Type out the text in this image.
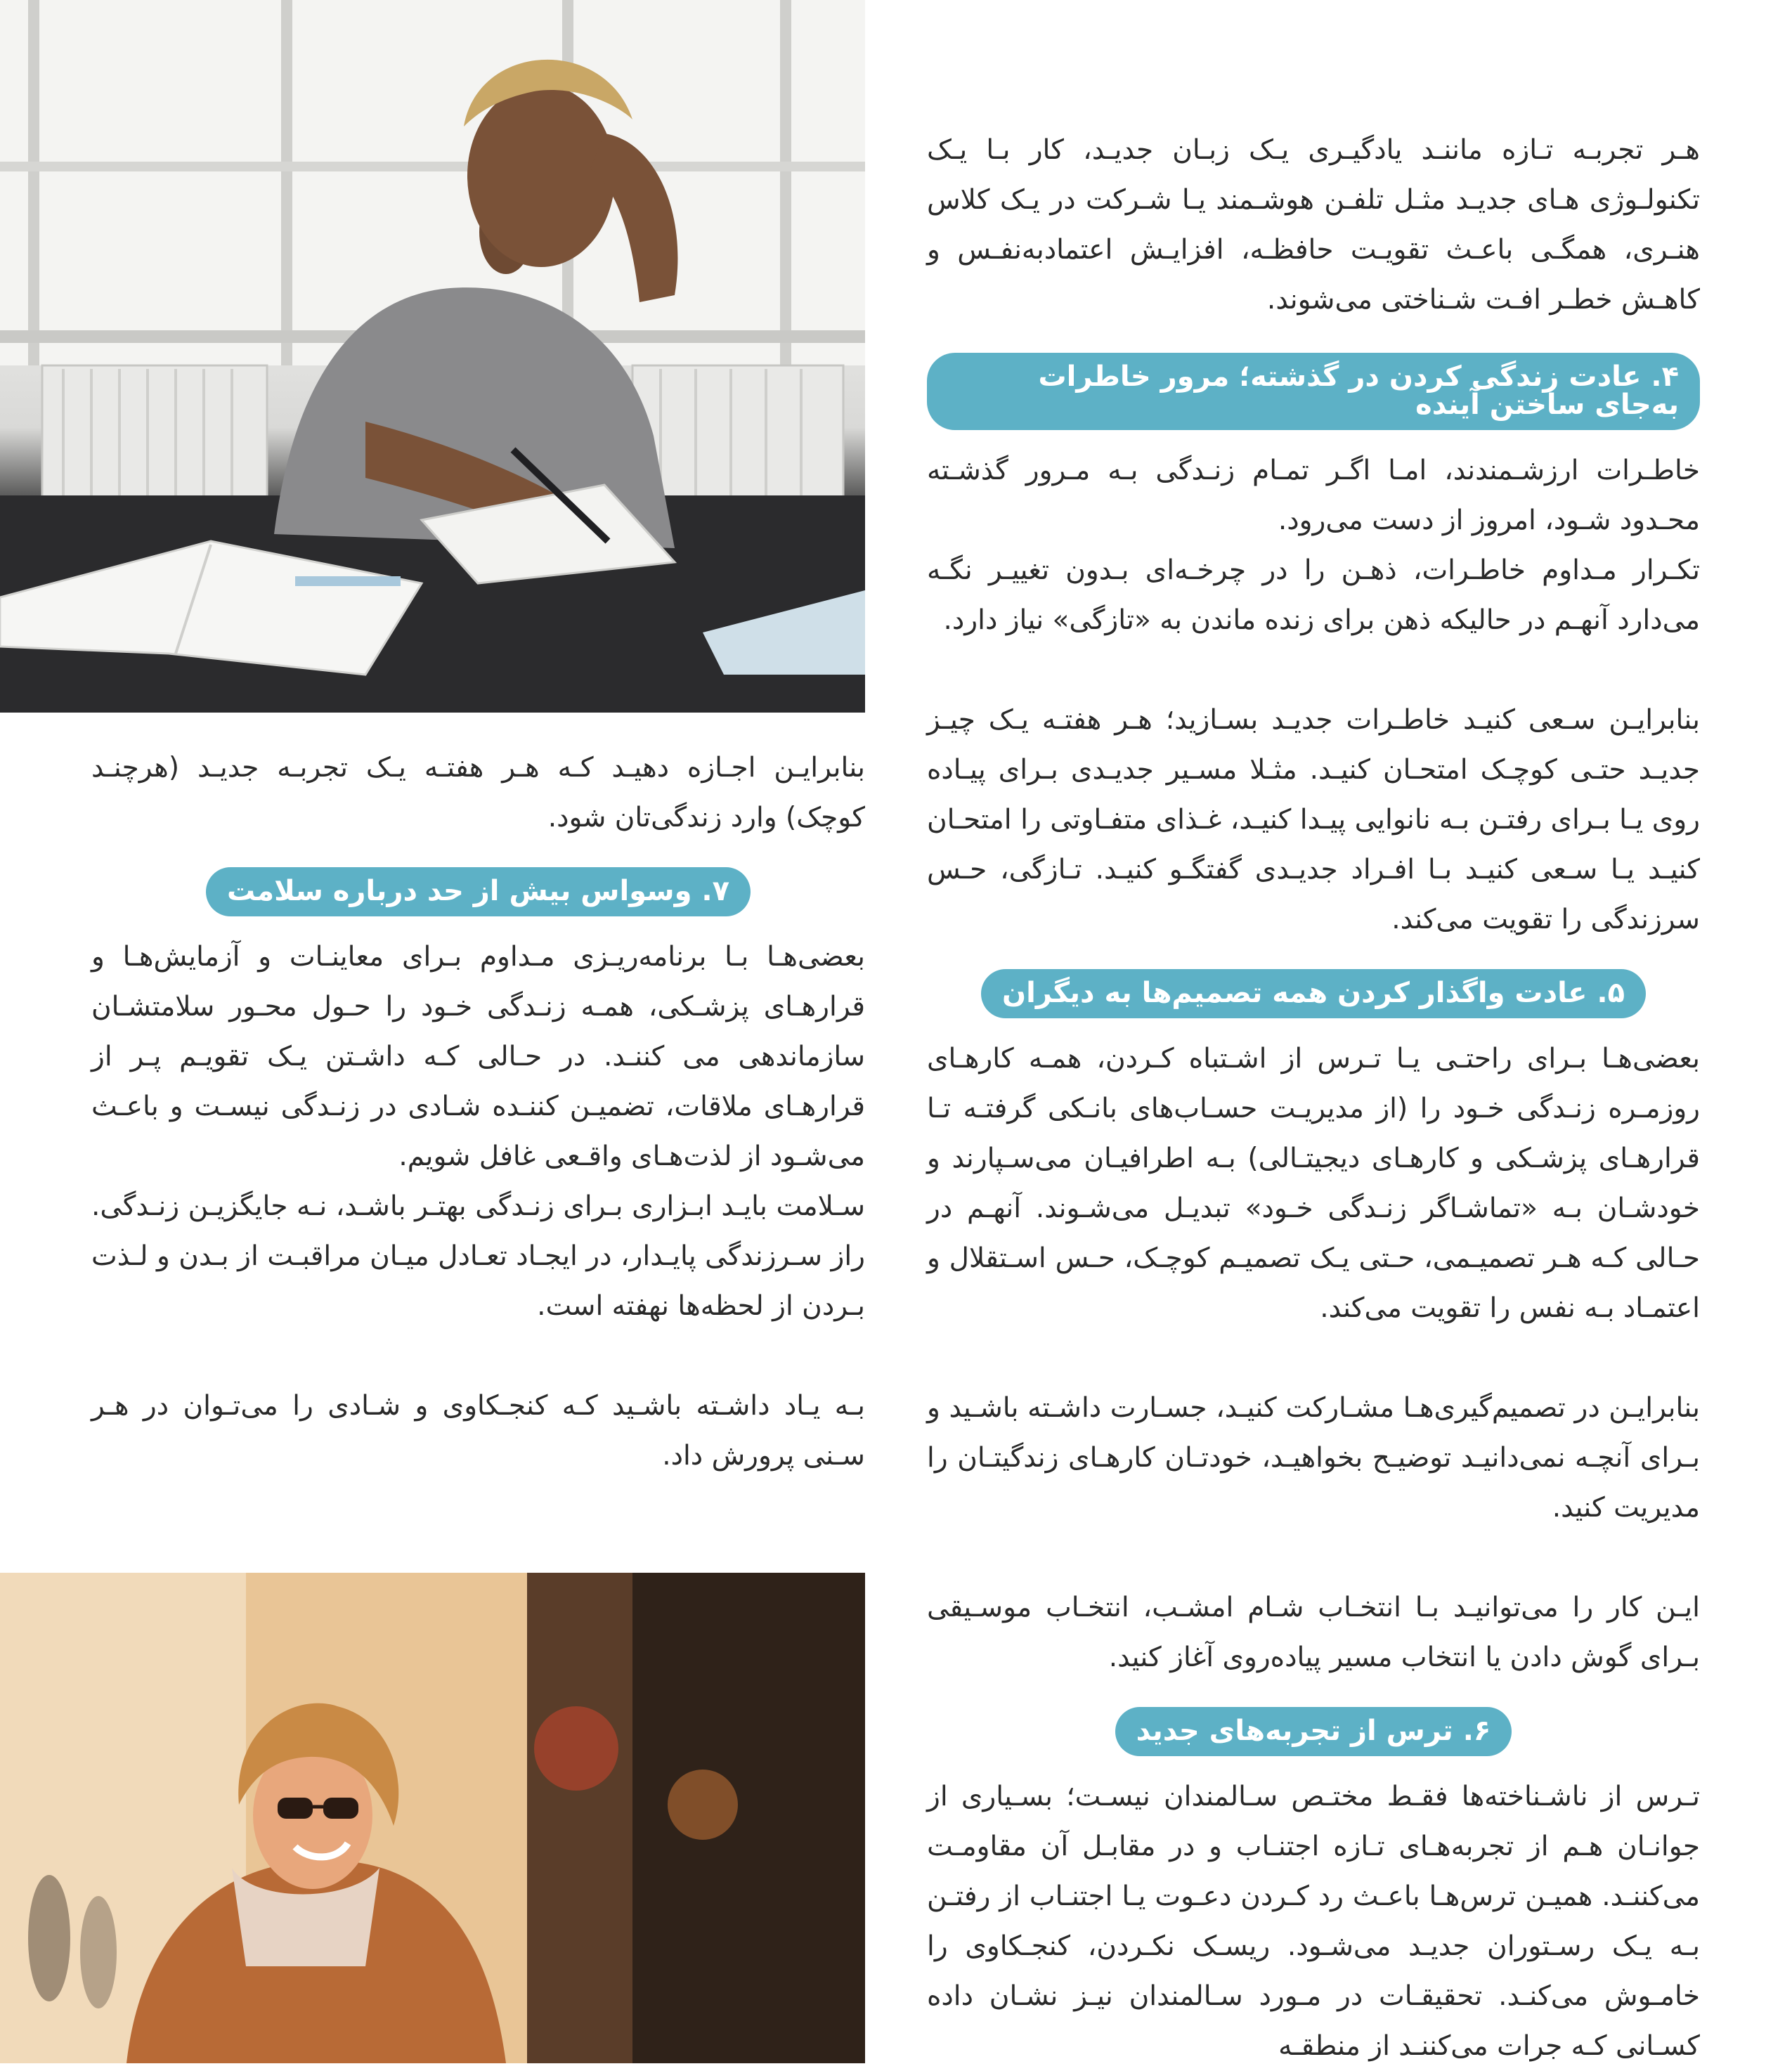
هـر تجربـه تـازه ماننـد یادگیـری یـک زبـان جدیـد، کار بـا یـک تکنولـوژی هـای جدیـد مثـل تلفـن هوشـمند یـا شـرکت در یـک کلاس هنـری، همگـی باعـث تقویـت حافظـه، افزایـش اعتمادبه‌نفـس و کاهـش خطـر افـت شـناختی می‌شوند.

۴. عادت زندگی کردن در گذشته؛ مرور خاطرات به‌جای ساختن آینده

خاطـرات ارزشـمندند، امـا اگـر تمـام زنـدگی بـه مـرور گذشـته محـدود شـود، امروز از دست می‌رود.

تکـرار مـداوم خاطـرات، ذهـن را در چرخـه‌ای بـدون تغییـر نگـه می‌دارد آنهـم در حالیکه ذهن برای زنده ماندن به «تازگی» نیاز دارد.

بنابرایـن سـعی کنیـد خاطـرات جدیـد بسـازید؛ هـر هفتـه یـک چیـز جدیـد حتـی کوچـک امتحـان کنیـد. مثـلا مسـیر جدیـدی بـرای پیـاده روی یـا بـرای رفتـن بـه نانوایی پیـدا کنیـد، غـذای متفـاوتی را امتحـان کنیـد یـا سـعی کنیـد بـا افـراد جدیـدی گفتگـو کنیـد. تـازگی، حـس سرزندگی را تقویت می‌کند.

۵. عادت واگذار کردن همه تصمیم‌ها به دیگران

بعضی‌هـا بـرای راحتـی یـا تـرس از اشـتباه کـردن، همـه کارهـای روزمـره زنـدگی خـود را (از مدیریـت حسـاب‌های بانـکی گرفتـه تـا قرارهـای پزشـکی و کارهـای دیجیتـالی) بـه اطرافیـان می‌سـپارند و خودشـان بـه «تماشـاگر زنـدگی خـود» تبدیـل می‌شـوند. آنهـم در حـالی کـه هـر تصمیـمی، حـتی یـک تصمیـم کوچـک، حـس اسـتقلال و اعتمـاد بـه نفس را تقویت می‌کند.

بنابرایـن در تصمیم‌گیری‌هـا مشـارکت کنیـد، جسـارت داشـته باشـید و بـرای آنچـه نمی‌دانیـد توضیـح بخواهیـد، خودتـان کارهـای زندگیتـان را مدیریت کنید.

ایـن کار را می‌توانیـد بـا انتخـاب شـام امشـب، انتخـاب موسـیقی بـرای گوش دادن یا انتخاب مسیر پیاده‌روی آغاز کنید.

۶. ترس از تجربه‌های جدید

تـرس از ناشـناخته‌ها فقـط مختـص سـالمندان نیسـت؛ بسـیاری از جوانـان هـم از تجربه‌هـای تـازه اجتنـاب و در مقابـل آن مقاومـت می‌کننـد. همیـن ترس‌هـا باعـث رد کـردن دعـوت یـا اجتنـاب از رفتـن بـه یـک رسـتوران جدیـد می‌شـود. ریسـک نکـردن، کنجـکاوی را خامـوش می‌کنـد. تحقیقـات در مـورد سـالمندان نیـز نشـان داده کسـانی کـه جرات می‌کننـد از منطقـه

بنابرایـن اجـازه دهیـد کـه هـر هفتـه یـک تجربـه جدیـد (هرچنـد کوچک) وارد زندگی‌تان شود.

۷. وسواس بیش از حد درباره سلامت

بعضی‌هـا بـا برنامه‌ریـزی مـداوم بـرای معاینـات و آزمایش‌هـا و قرارهـای پزشـکی، همـه زنـدگی خـود را حـول محـور سلامتشـان سازماندهی می کننـد. در حـالی کـه داشـتن یـک تقویـم پـر از قرارهـای ملاقات، تضمیـن کننـده شـادی در زنـدگی نیسـت و باعـث می‌شـود از لذت‌هـای واقـعی غافل شویم.

سـلامت بایـد ابـزاری بـرای زنـدگی بهتـر باشـد، نـه جایگزیـن زنـدگی. راز سـرزندگی پایـدار، در ایجـاد تعـادل میـان مراقبـت از بـدن و لـذت بـردن از لحظه‌ها نهفته است.

بـه یـاد داشـته باشـید کـه کنجـکاوی و شـادی را می‌تـوان در هـر سـنی پرورش داد.
